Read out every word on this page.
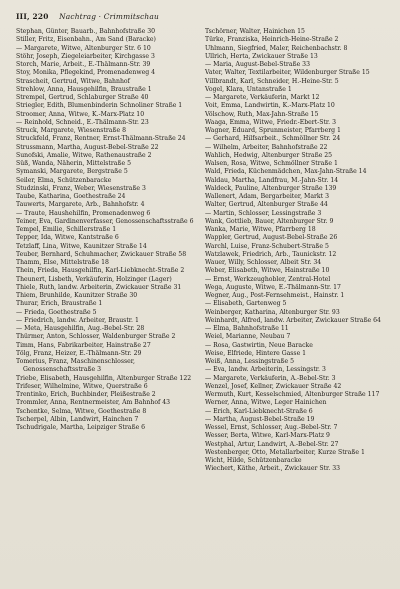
III, 220 Nachtrag · Crimmitschau
Stephan, Günter, Bauarb., Bahnhofstraße 30
Stiller, Fritz, Eisenbahn., Am Sand (Baracke)
— Margarete, Witwe, Altenburger Str. 6 10
Stöhr, Joseph, Ziegeleiarbeiter, Kirchgasse 3
Storch, Marie, Arbeit., E.-Thälmann-Str. 39
Stoy, Monika, Pflegekind, Promenadenweg 4
Strascheit, Gertrud, Witwe, Bahnhof
Strehlow, Anna, Hausgehilfin, Braustraße 1
Strempel, Gertrud, Schlaburger Straße 40
Striegler, Edith, Blumenbinderin Schnoliner Straße 1
Stroomer, Anna, Witwe, K.-Marx-Platz 10
— Reinhold, Schneid., E.-Thälmann-Str. 23
Struck, Margarete, Wiesenstraße 8
Struckfeld, Franz, Rentner, Ernst-Thälmann-Straße 24
Strussmann, Martha, August-Bebel-Straße 22
Sunofski, Amalie, Witwe, Rathenaustraße 2
Süß, Wanda, Näherin, Mittelstraße 5
Symanski, Margarete, Bergstraße 5
Seiler, Elma, Schützenbaracke
Studzinski, Franz, Weber, Wiesenstraße 3
Taube, Katharina, Goethestraße 24
Tauwerts, Margarete, Arb., Bahnhofstr. 4
— Traute, Haushehilfin, Promenadenweg 6
Teiner, Eva, Gardinenverfasser, Genossenschaftsstraße 6
Tempel, Emilie, Schillerstraße 1
Tepper, Ida, Witwe, Kantstraße 6
Tetzlaff, Lina, Witwe, Kaunitzer Straße 14
Teuber, Bernhard, Schuhmacher, Zwickauer Straße 58
Thamm, Else, Mittelstraße 18
Thein, Frieda, Hausgehilfin, Karl-Liebknecht-Straße 2
Theunert, Lisbeth, Verkäuferin, Holzinger (Lager)
Thiele, Ruth, landw. Arbeiterin, Zwickauer Straße 31
Thiem, Brunhilde, Kaunitzer Straße 30
Thurar, Erich, Braustraße 1
— Frieda, Goethestraße 5
— Friedrich, landw. Arbeiter, Braustr. 1
— Meta, Hausgehilfin, Aug.-Bebel-Str. 28
Thürmer, Anton, Schlosser, Waldenburger Straße 2
Timm, Hans, Fabrikarbeiter, Hainstraße 27
Tölg, Franz, Heizer, E.-Thälmann-Str. 29
Tomerius, Franz, Maschinenschlosser, Genossenschaftsstraße 3
Triebe, Elisabeth, Hausgehilfin, Altenburger Straße 122
Trifeser, Wilhelmine, Witwe, Querstraße 6
Trentinko, Erich, Buchbinder, Pleißestraße 2
Trommler, Anna, Rentnermeister, Am Bahnhof 43
Tschentke, Selma, Witwe, Goethestraße 8
Tscherpel, Albin, Landwirt, Hainchen 7
Tschudrigale, Martha, Leipziger Straße 6
Tschörner, Walter, Hainichen 15
Türke, Franziska, Heinrich-Heine-Straße 2
Uhlmann, Siegfried, Maler, Reichenbachstr. 8
Ullrich, Herta, Zwickauer Straße 13
— Maria, August-Bebel-Straße 33
Vater, Walter, Textilarbeiter, Wildenburger Straße 15
Villbrandt, Karl, Schneider, H.-Heine-Str. 5
Vogel, Klara, Untanstraße 1
— Margarete, Verkäuferin, Markt 12
Voit, Emma, Landwirtin, K.-Marx-Platz 10
Völschow, Ruth, Max-Jahn-Straße 15
Waaga, Emma, Witwe, Friedr.-Ebert-Str. 3
Wagner, Eduard, Sprunmeister, Pfarrberg 1
— Gerhard, Hilfsarbeit., Schmöllner Str. 24
— Wilhelm, Arbeiter, Bahnhofstraße 22
Wahlich, Hedwig, Altenburger Straße 25
Walsen, Rosa, Witwe, Schmöllner Straße 1
Wald, Frieda, Küchenmädchen, Max-Jahn-Straße 14
Waldau, Martha, Landfrau, M.-Jahn-Str. 14
Waldeck, Pauline, Altenburger Straße 139
Wallenert, Adam, Bergarbeiter, Markt 3
Walter, Gertrud, Altenburger Straße 44
— Martin, Schlosser, Lessingstraße 3
Wank, Gottlieb, Bauer, Altenburger Str. 9
Wanka, Marie, Witwe, Pfarrberg 18
Wappler, Gertrud, August-Bebel-Straße 26
Warchl, Luise, Franz-Schubert-Straße 5
Watzlawek, Friedrich, Arb., Taunickstr. 12
Wauer, Willy, Schlosser, Albeit Str. 34
Weber, Elisabeth, Witwe, Hainstraße 10
— Ernst, Werkzeughobler, Zentral-Hotel
Wega, Auguste, Witwe, E.-Thälmann-Str. 17
Wegner, Aug., Post-Fernsehmeist., Hainstr. 1
— Elisabeth, Gartenweg 5
Weinberger, Katharina, Altenburger Str. 93
Weinhardt, Alfred, landw. Arbeiter, Zwickauer Straße 64
— Elma, Bahnhofstraße 11
Weiel, Marianne, Neubau 7
— Rosa, Gastwirtin, Neue Baracke
Weise, Elfriede, Hintere Gasse 1
Weiß, Anna, Lessingstraße 5
— Eva, landw. Arbeiterin, Lessingstr. 3
— Margarete, Verkäuferin, A.-Bebel-Str. 3
Wenzel, Josef, Kellner, Zwickauer Straße 42
Wermuth, Kurt, Kesselschmied, Altenburger Straße 117
Werner, Anna, Witwe, Leger Hainichen
— Erich, Karl-Liebknecht-Straße 6
— Martha, August-Bebel-Straße 19
Wessel, Ernst, Schlosser, Aug.-Bebel-Str. 7
Wesser, Berta, Witwe, Karl-Marx-Platz 9
Westphal, Artur, Landwirt, A.-Bebel-Str. 27
Westenberger, Otto, Metallarbeiter, Kurze Straße 1
Wicht, Hilde, Schützenbaracke
Wiechert, Käthe, Arbeit., Zwickauer Str. 33
